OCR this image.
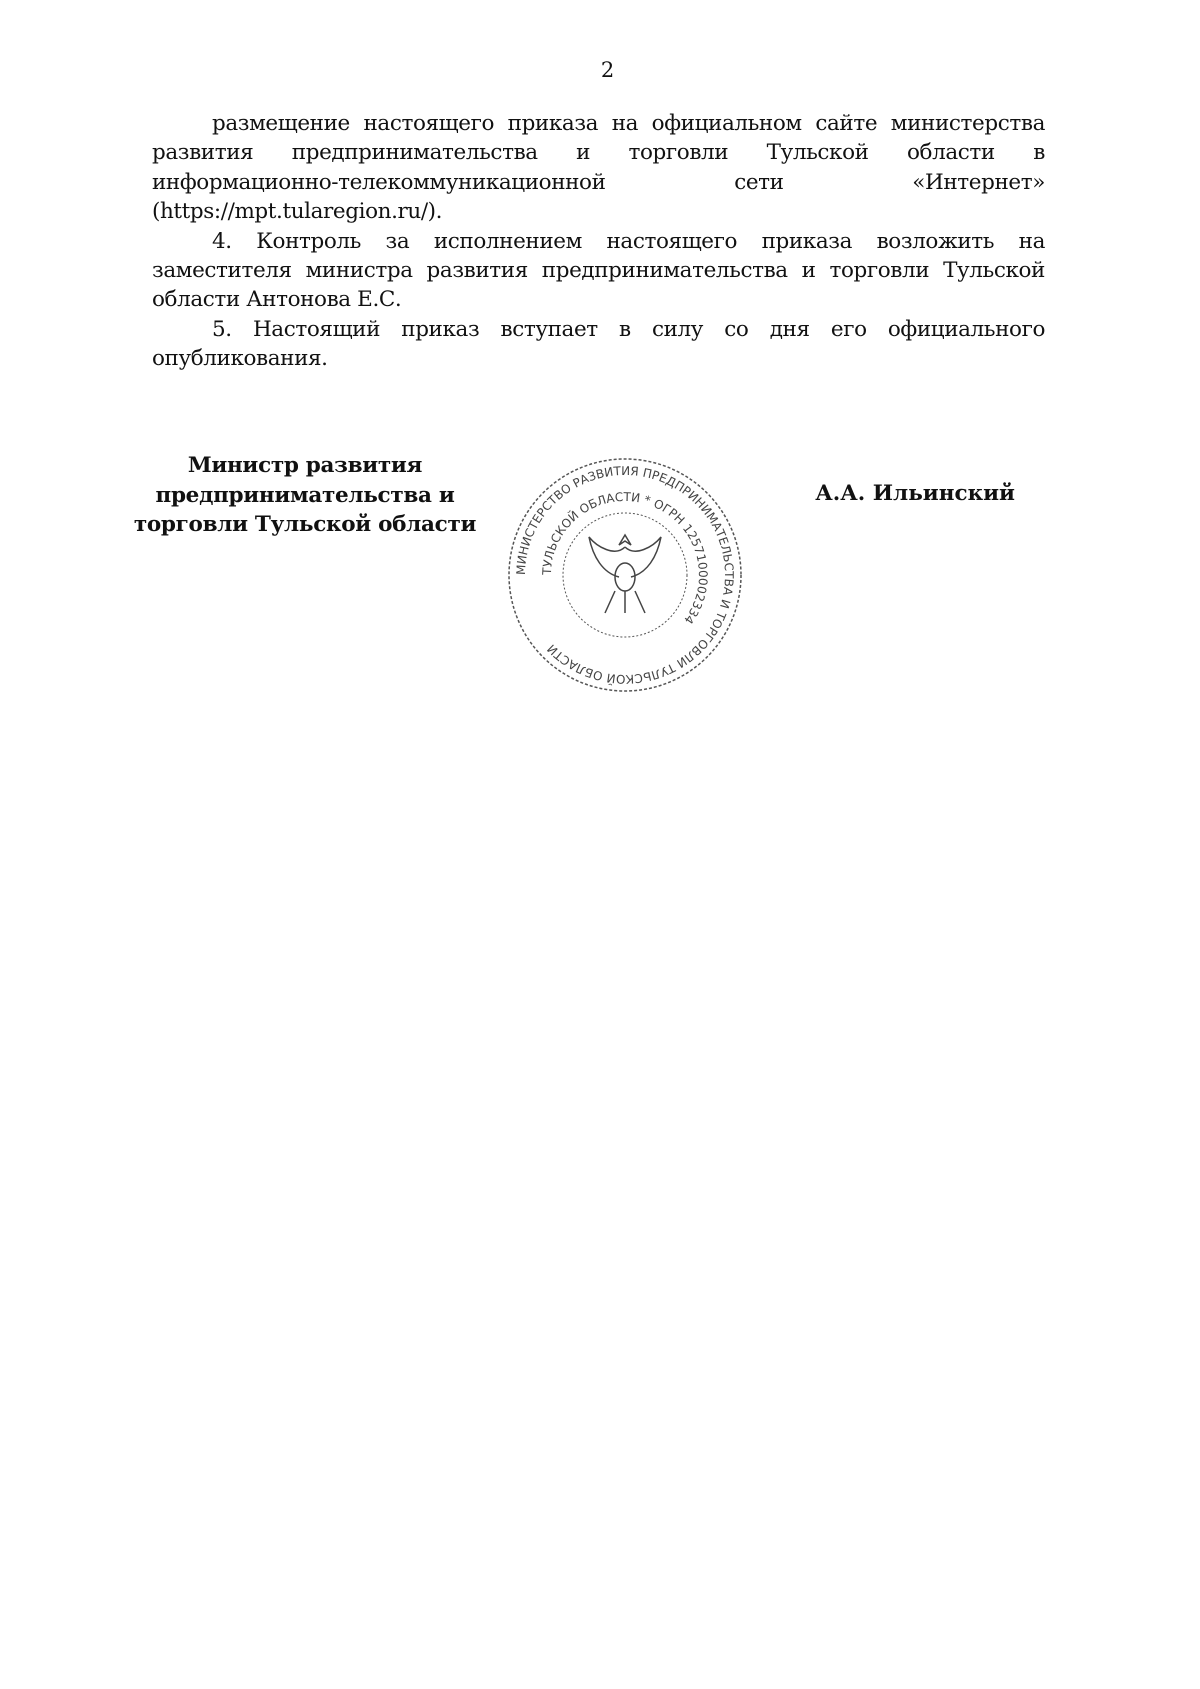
2

размещение настоящего приказа на официальном сайте министерства развития предпринимательства и торговли Тульской области в информационно-телекоммуникационной сети «Интернет» (https://mpt.tularegion.ru/).

4. Контроль за исполнением настоящего приказа возложить на заместителя министра развития предпринимательства и торговли Тульской области Антонова Е.С.

5. Настоящий приказ вступает в силу со дня его официального опубликования.

Министр развития
предпринимательства и
торговли Тульской области
А.А. Ильинский
МИНИСТЕРСТВО РАЗВИТИЯ ПРЕДПРИНИМАТЕЛЬСТВА И ТОРГОВЛИ ТУЛЬСКОЙ ОБЛАСТИ
ТУЛЬСКОЙ ОБЛАСТИ * ОГРН 1257100002334
